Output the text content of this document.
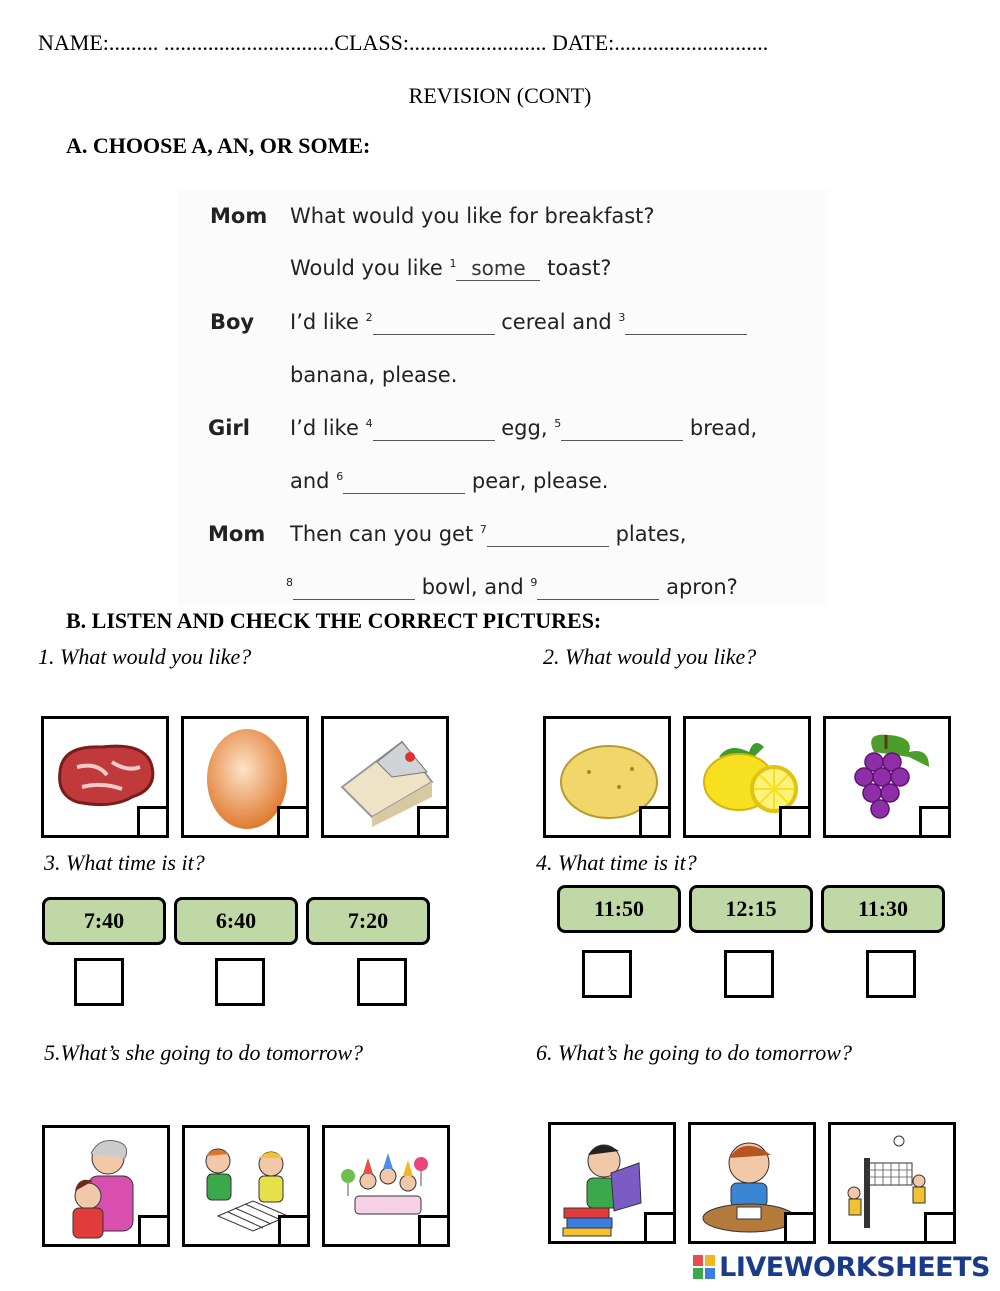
NAME:......... ...............................CLASS:......................... DATE:............................
REVISION (CONT)
A. CHOOSE A, AN, OR SOME:
Mom What would you like for breakfast?
Would you like $^1$some	toast?
Boy I’d like $^2$	cereal and $^3$
banana, please.
Girl I’d like $^4$	egg, $^5$	bread,
and $^6$	pear, please.
Mom Then can you get $^7$	plates,
$^8$	bowl, and $^9$	apron?
B. LISTEN AND CHECK THE CORRECT PICTURES:
1. What would you like?	2. What would you like?
3. What time is it?	4. What time is it?
7:40	6:40	7:20	11:50	12:15	11:30
5.What’s she going to do tomorrow?	6. What’s he going to do tomorrow?
LIVEWORKSHEETS
